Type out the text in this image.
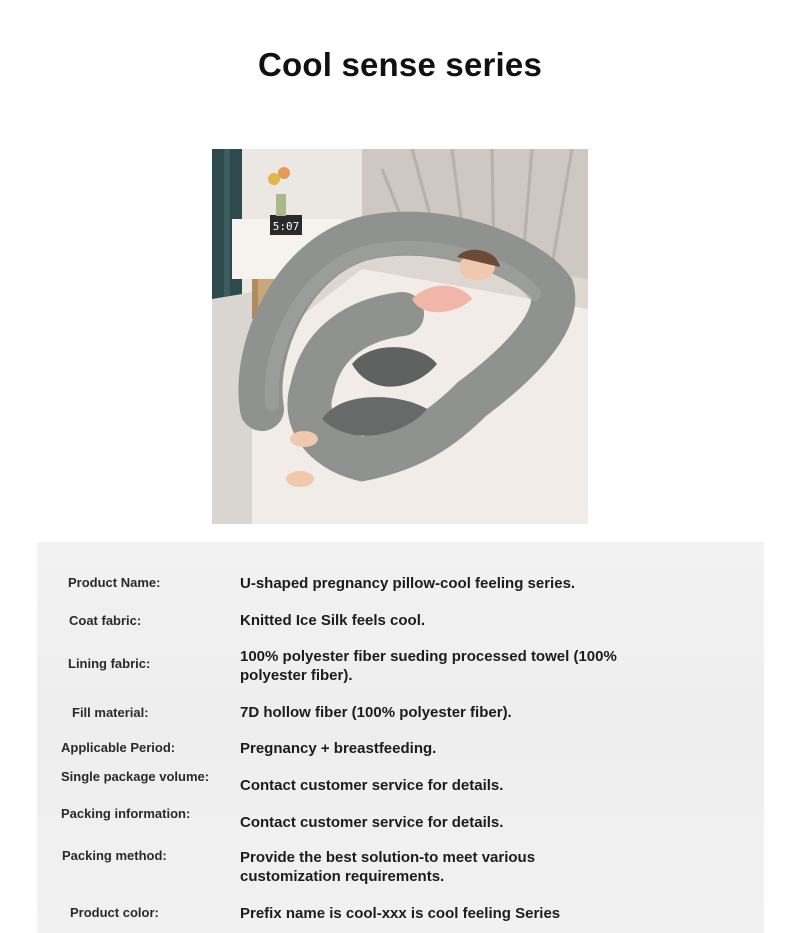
Cool sense series
5:07
Product Name:	U-shaped pregnancy pillow-cool feeling series.
Coat fabric:	Knitted Ice Silk feels cool.
Lining fabric:	100% polyester fiber sueding processed towel (100% polyester fiber).
Fill material:	7D hollow fiber (100% polyester fiber).
Applicable Period:	Pregnancy + breastfeeding.
Single package volume:
Contact customer service for details.
Packing information:
Contact customer service for details.
Packing method:	Provide the best solution-to meet various customization requirements.
Product color:	Prefix name is cool-xxx is cool feeling Series
